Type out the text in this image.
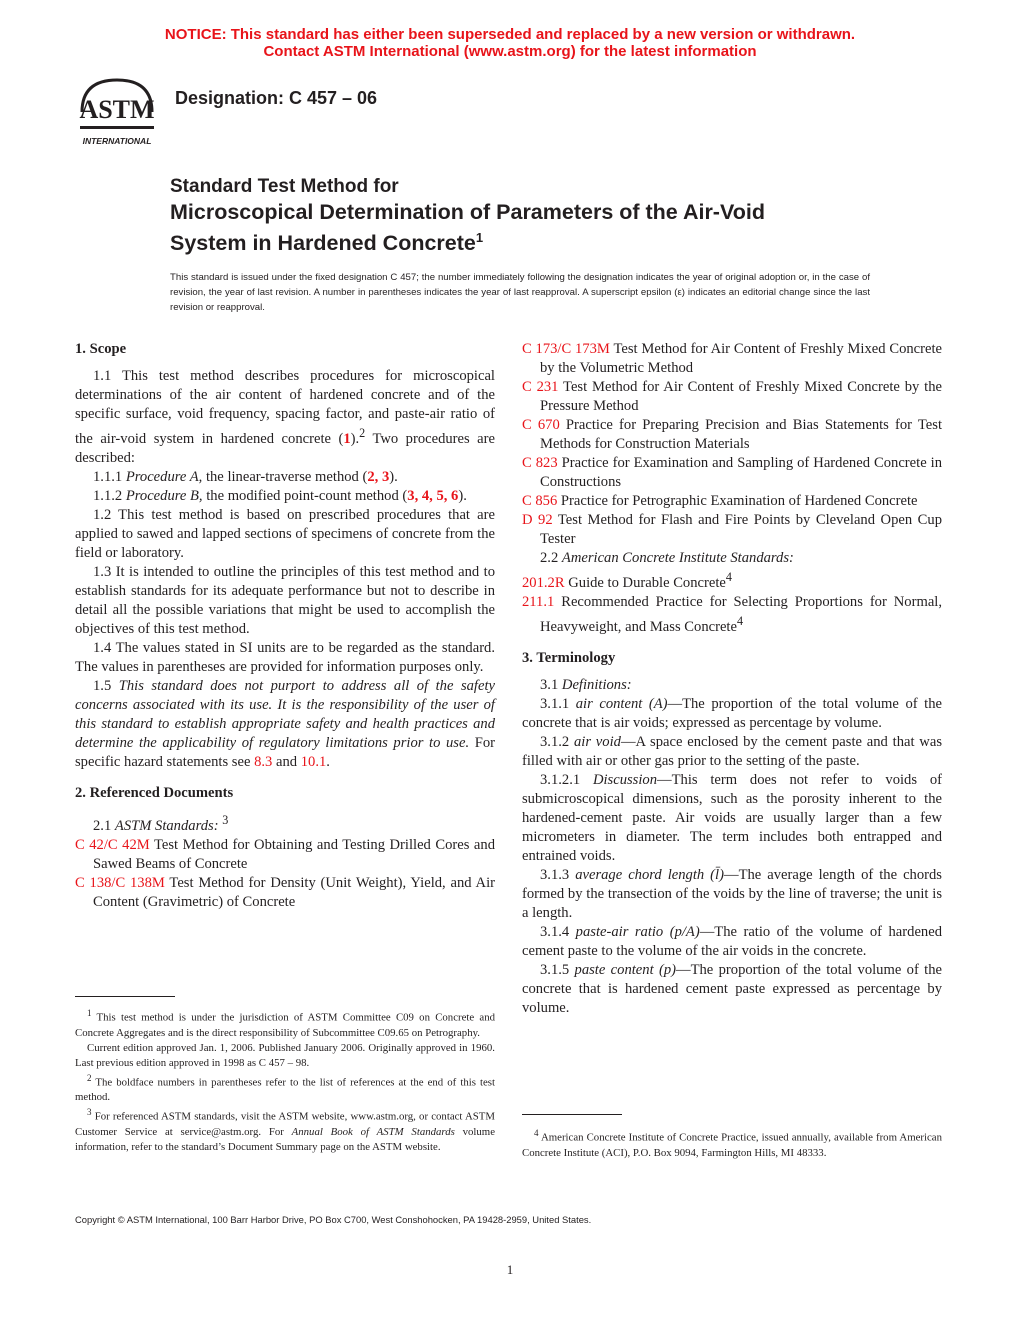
NOTICE: This standard has either been superseded and replaced by a new version or withdrawn.
Contact ASTM International (www.astm.org) for the latest information
ASTM
INTERNATIONAL
Designation: C 457 – 06
Standard Test Method for
Microscopical Determination of Parameters of the Air-Void
System in Hardened Concrete$^1$
This standard is issued under the fixed designation C 457; the number immediately following the designation indicates the year of original adoption or, in the case of revision, the year of last revision. A number in parentheses indicates the year of last reapproval. A superscript epsilon (ε) indicates an editorial change since the last revision or reapproval.
1. Scope

1.1 This test method describes procedures for microscopical determinations of the air content of hardened concrete and of the specific surface, void frequency, spacing factor, and paste-air ratio of the air-void system in hardened concrete (1).$^2$ Two procedures are described:

1.1.1 Procedure A, the linear-traverse method (2, 3).

1.1.2 Procedure B, the modified point-count method (3, 4, 5, 6).

1.2 This test method is based on prescribed procedures that are applied to sawed and lapped sections of specimens of concrete from the field or laboratory.

1.3 It is intended to outline the principles of this test method and to establish standards for its adequate performance but not to describe in detail all the possible variations that might be used to accomplish the objectives of this test method.

1.4 The values stated in SI units are to be regarded as the standard. The values in parentheses are provided for information purposes only.

1.5 This standard does not purport to address all of the safety concerns associated with its use. It is the responsibility of the user of this standard to establish appropriate safety and health practices and determine the applicability of regulatory limitations prior to use. For specific hazard statements see 8.3 and 10.1.

2. Referenced Documents

2.1 ASTM Standards: $^3$

C 42/C 42M Test Method for Obtaining and Testing Drilled Cores and Sawed Beams of Concrete

C 138/C 138M Test Method for Density (Unit Weight), Yield, and Air Content (Gravimetric) of Concrete

$^1$ This test method is under the jurisdiction of ASTM Committee C09 on Concrete and Concrete Aggregates and is the direct responsibility of Subcommittee C09.65 on Petrography.

Current edition approved Jan. 1, 2006. Published January 2006. Originally approved in 1960. Last previous edition approved in 1998 as C 457 – 98.

$^2$ The boldface numbers in parentheses refer to the list of references at the end of this test method.

$^3$ For referenced ASTM standards, visit the ASTM website, www.astm.org, or contact ASTM Customer Service at service@astm.org. For Annual Book of ASTM Standards volume information, refer to the standard’s Document Summary page on the ASTM website.

C 173/C 173M Test Method for Air Content of Freshly Mixed Concrete by the Volumetric Method

C 231 Test Method for Air Content of Freshly Mixed Concrete by the Pressure Method

C 670 Practice for Preparing Precision and Bias Statements for Test Methods for Construction Materials

C 823 Practice for Examination and Sampling of Hardened Concrete in Constructions

C 856 Practice for Petrographic Examination of Hardened Concrete

D 92 Test Method for Flash and Fire Points by Cleveland Open Cup Tester

2.2 American Concrete Institute Standards:

201.2R Guide to Durable Concrete$^4$

211.1 Recommended Practice for Selecting Proportions for Normal, Heavyweight, and Mass Concrete$^4$

3. Terminology

3.1 Definitions:

3.1.1 air content (A)—The proportion of the total volume of the concrete that is air voids; expressed as percentage by volume.

3.1.2 air void—A space enclosed by the cement paste and that was filled with air or other gas prior to the setting of the paste.

3.1.2.1 Discussion—This term does not refer to voids of submicroscopical dimensions, such as the porosity inherent to the hardened-cement paste. Air voids are usually larger than a few micrometers in diameter. The term includes both entrapped and entrained voids.

3.1.3 average chord length (l̄)—The average length of the chords formed by the transection of the voids by the line of traverse; the unit is a length.

3.1.4 paste-air ratio (p/A)—The ratio of the volume of hardened cement paste to the volume of the air voids in the concrete.

3.1.5 paste content (p)—The proportion of the total volume of the concrete that is hardened cement paste expressed as percentage by volume.

$^4$ American Concrete Institute of Concrete Practice, issued annually, available from American Concrete Institute (ACI), P.O. Box 9094, Farmington Hills, MI 48333.

Copyright © ASTM International, 100 Barr Harbor Drive, PO Box C700, West Conshohocken, PA 19428-2959, United States.
1
